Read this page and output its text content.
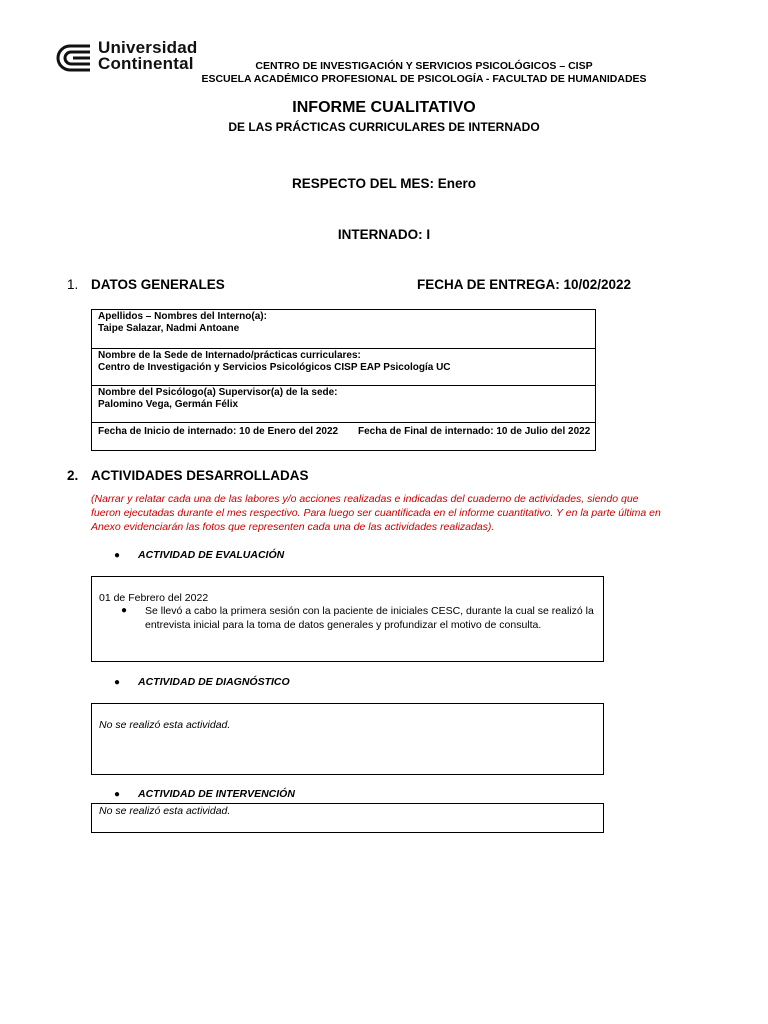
Universidad
Continental	CENTRO DE INVESTIGACIÓN Y SERVICIOS PSICOLÓGICOS – CISP
ESCUELA ACADÉMICO PROFESIONAL DE PSICOLOGÍA - FACULTAD DE HUMANIDADES
INFORME CUALITATIVO
DE LAS PRÁCTICAS CURRICULARES DE INTERNADO
RESPECTO DEL MES: Enero
INTERNADO: I
1. DATOS GENERALES	FECHA DE ENTREGA: 10/02/2022
Apellidos – Nombres del Interno(a):
Taipe Salazar, Nadmi Antoane
Nombre de la Sede de Internado/prácticas curriculares:
Centro de Investigación y Servicios Psicológicos CISP EAP Psicología UC
Nombre del Psicólogo(a) Supervisor(a) de la sede:
Palomino Vega, Germán Félix
Fecha de Inicio de internado: 10 de Enero del 2022 Fecha de Final de internado: 10 de Julio del 2022
2. ACTIVIDADES DESARROLLADAS
(Narrar y relatar cada una de las labores y/o acciones realizadas e indicadas del cuaderno de actividades, siendo que fueron ejecutadas durante el mes respectivo. Para luego ser cuantificada en el informe cuantitativo. Y en la parte última en Anexo evidenciarán las fotos que representen cada una de las actividades realizadas).
● ACTIVIDAD DE EVALUACIÓN
01 de Febrero del 2022
● Se llevó a cabo la primera sesión con la paciente de iniciales CESC, durante la cual se realizó la entrevista inicial para la toma de datos generales y profundizar el motivo de consulta.
● ACTIVIDAD DE DIAGNÓSTICO
No se realizó esta actividad.
● ACTIVIDAD DE INTERVENCIÓN
No se realizó esta actividad.
